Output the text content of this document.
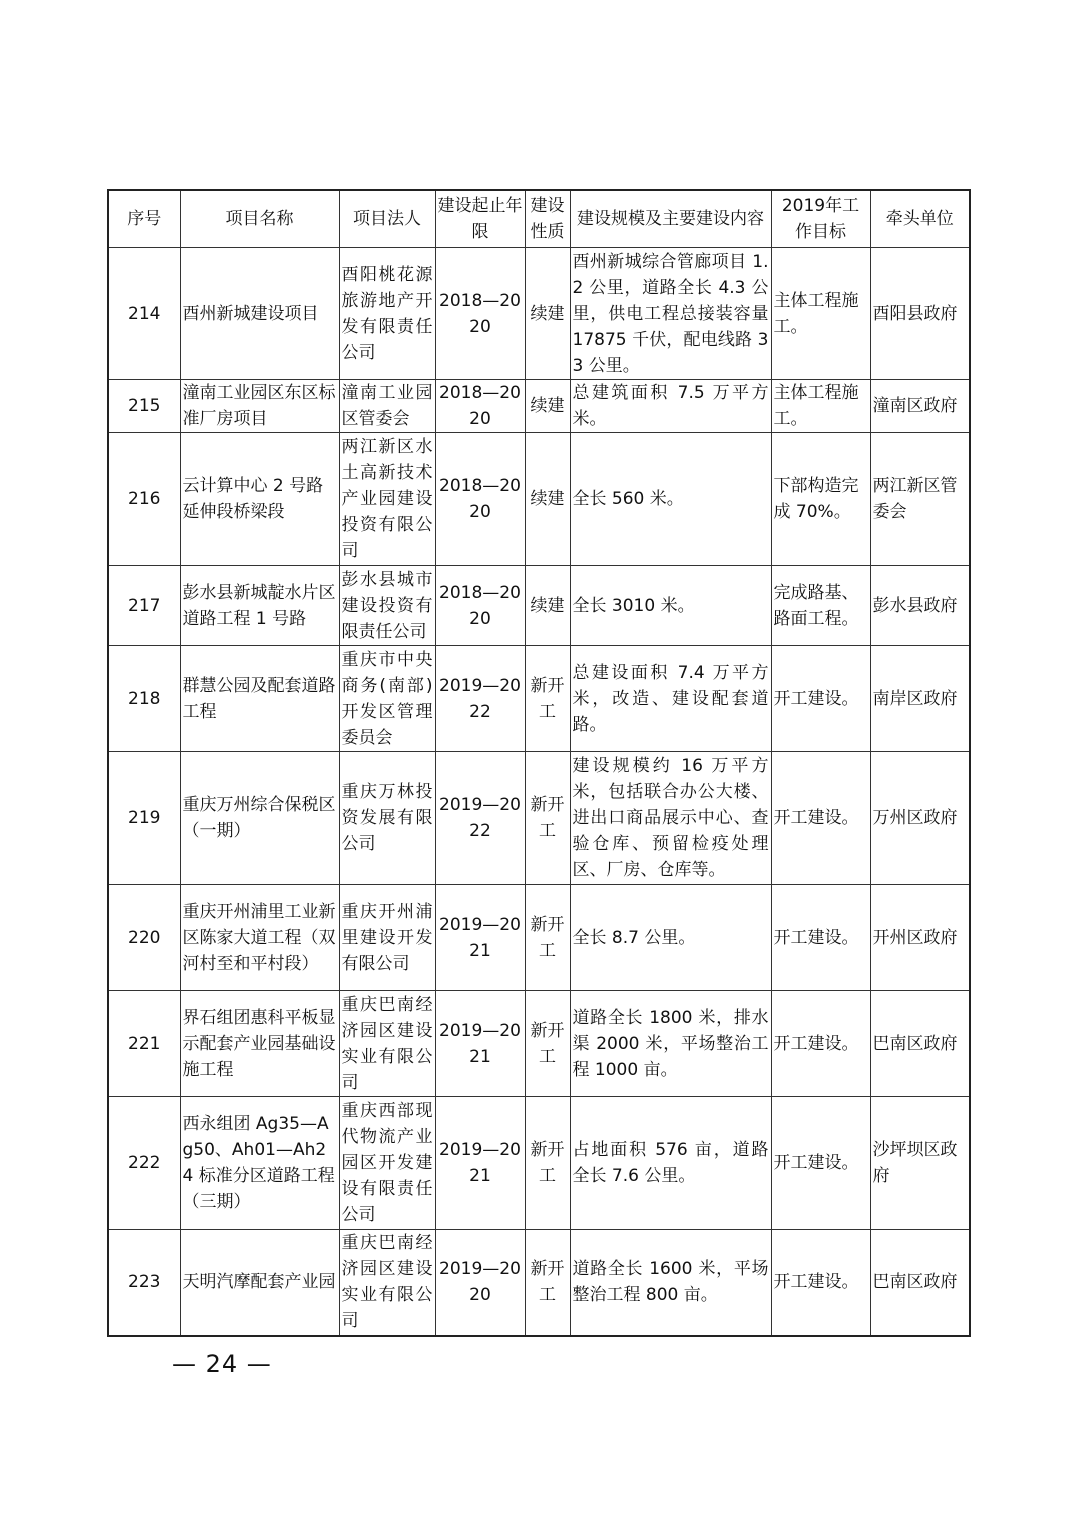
序号	项目名称	项目法人	建设起止年限	建设性质	建设规模及主要建设内容	2019年工作目标	牵头单位
214	酉州新城建设项目	酉阳桃花源旅游地产开发有限责任公司	2018—2020	续建	酉州新城综合管廊项目 1.2 公里，道路全长 4.3 公里，供电工程总接装容量 17875 千伏，配电线路 33 公里。	主体工程施工。	酉阳县政府
215	潼南工业园区东区标准厂房项目	潼南工业园区管委会	2018—2020	续建	总建筑面积 7.5 万平方米。	主体工程施工。	潼南区政府
216	云计算中心 2 号路延伸段桥梁段	两江新区水土高新技术产业园建设投资有限公司	2018—2020	续建	全长 560 米。	下部构造完成 70%。	两江新区管委会
217	彭水县新城靛水片区道路工程 1 号路	彭水县城市建设投资有限责任公司	2018—2020	续建	全长 3010 米。	完成路基、路面工程。	彭水县政府
218	群慧公园及配套道路工程	重庆市中央商务(南部)开发区管理委员会	2019—2022	新开工	总建设面积 7.4 万平方米，改造、建设配套道路。	开工建设。	南岸区政府
219	重庆万州综合保税区（一期）	重庆万林投资发展有限公司	2019—2022	新开工	建设规模约 16 万平方米，包括联合办公大楼、进出口商品展示中心、查验仓库、预留检疫处理区、厂房、仓库等。	开工建设。	万州区政府
220	重庆开州浦里工业新区陈家大道工程（双河村至和平村段）	重庆开州浦里建设开发有限公司	2019—2021	新开工	全长 8.7 公里。	开工建设。	开州区政府
221	界石组团惠科平板显示配套产业园基础设施工程	重庆巴南经济园区建设实业有限公司	2019—2021	新开工	道路全长 1800 米，排水渠 2000 米，平场整治工程 1000 亩。	开工建设。	巴南区政府
222	西永组团 Ag35—Ag50、Ah01—Ah24 标准分区道路工程（三期）	重庆西部现代物流产业园区开发建设有限责任公司	2019—2021	新开工	占地面积 576 亩，道路全长 7.6 公里。	开工建设。	沙坪坝区政府
223	天明汽摩配套产业园	重庆巴南经济园区建设实业有限公司	2019—2020	新开工	道路全长 1600 米，平场整治工程 800 亩。	开工建设。	巴南区政府
— 24 —
